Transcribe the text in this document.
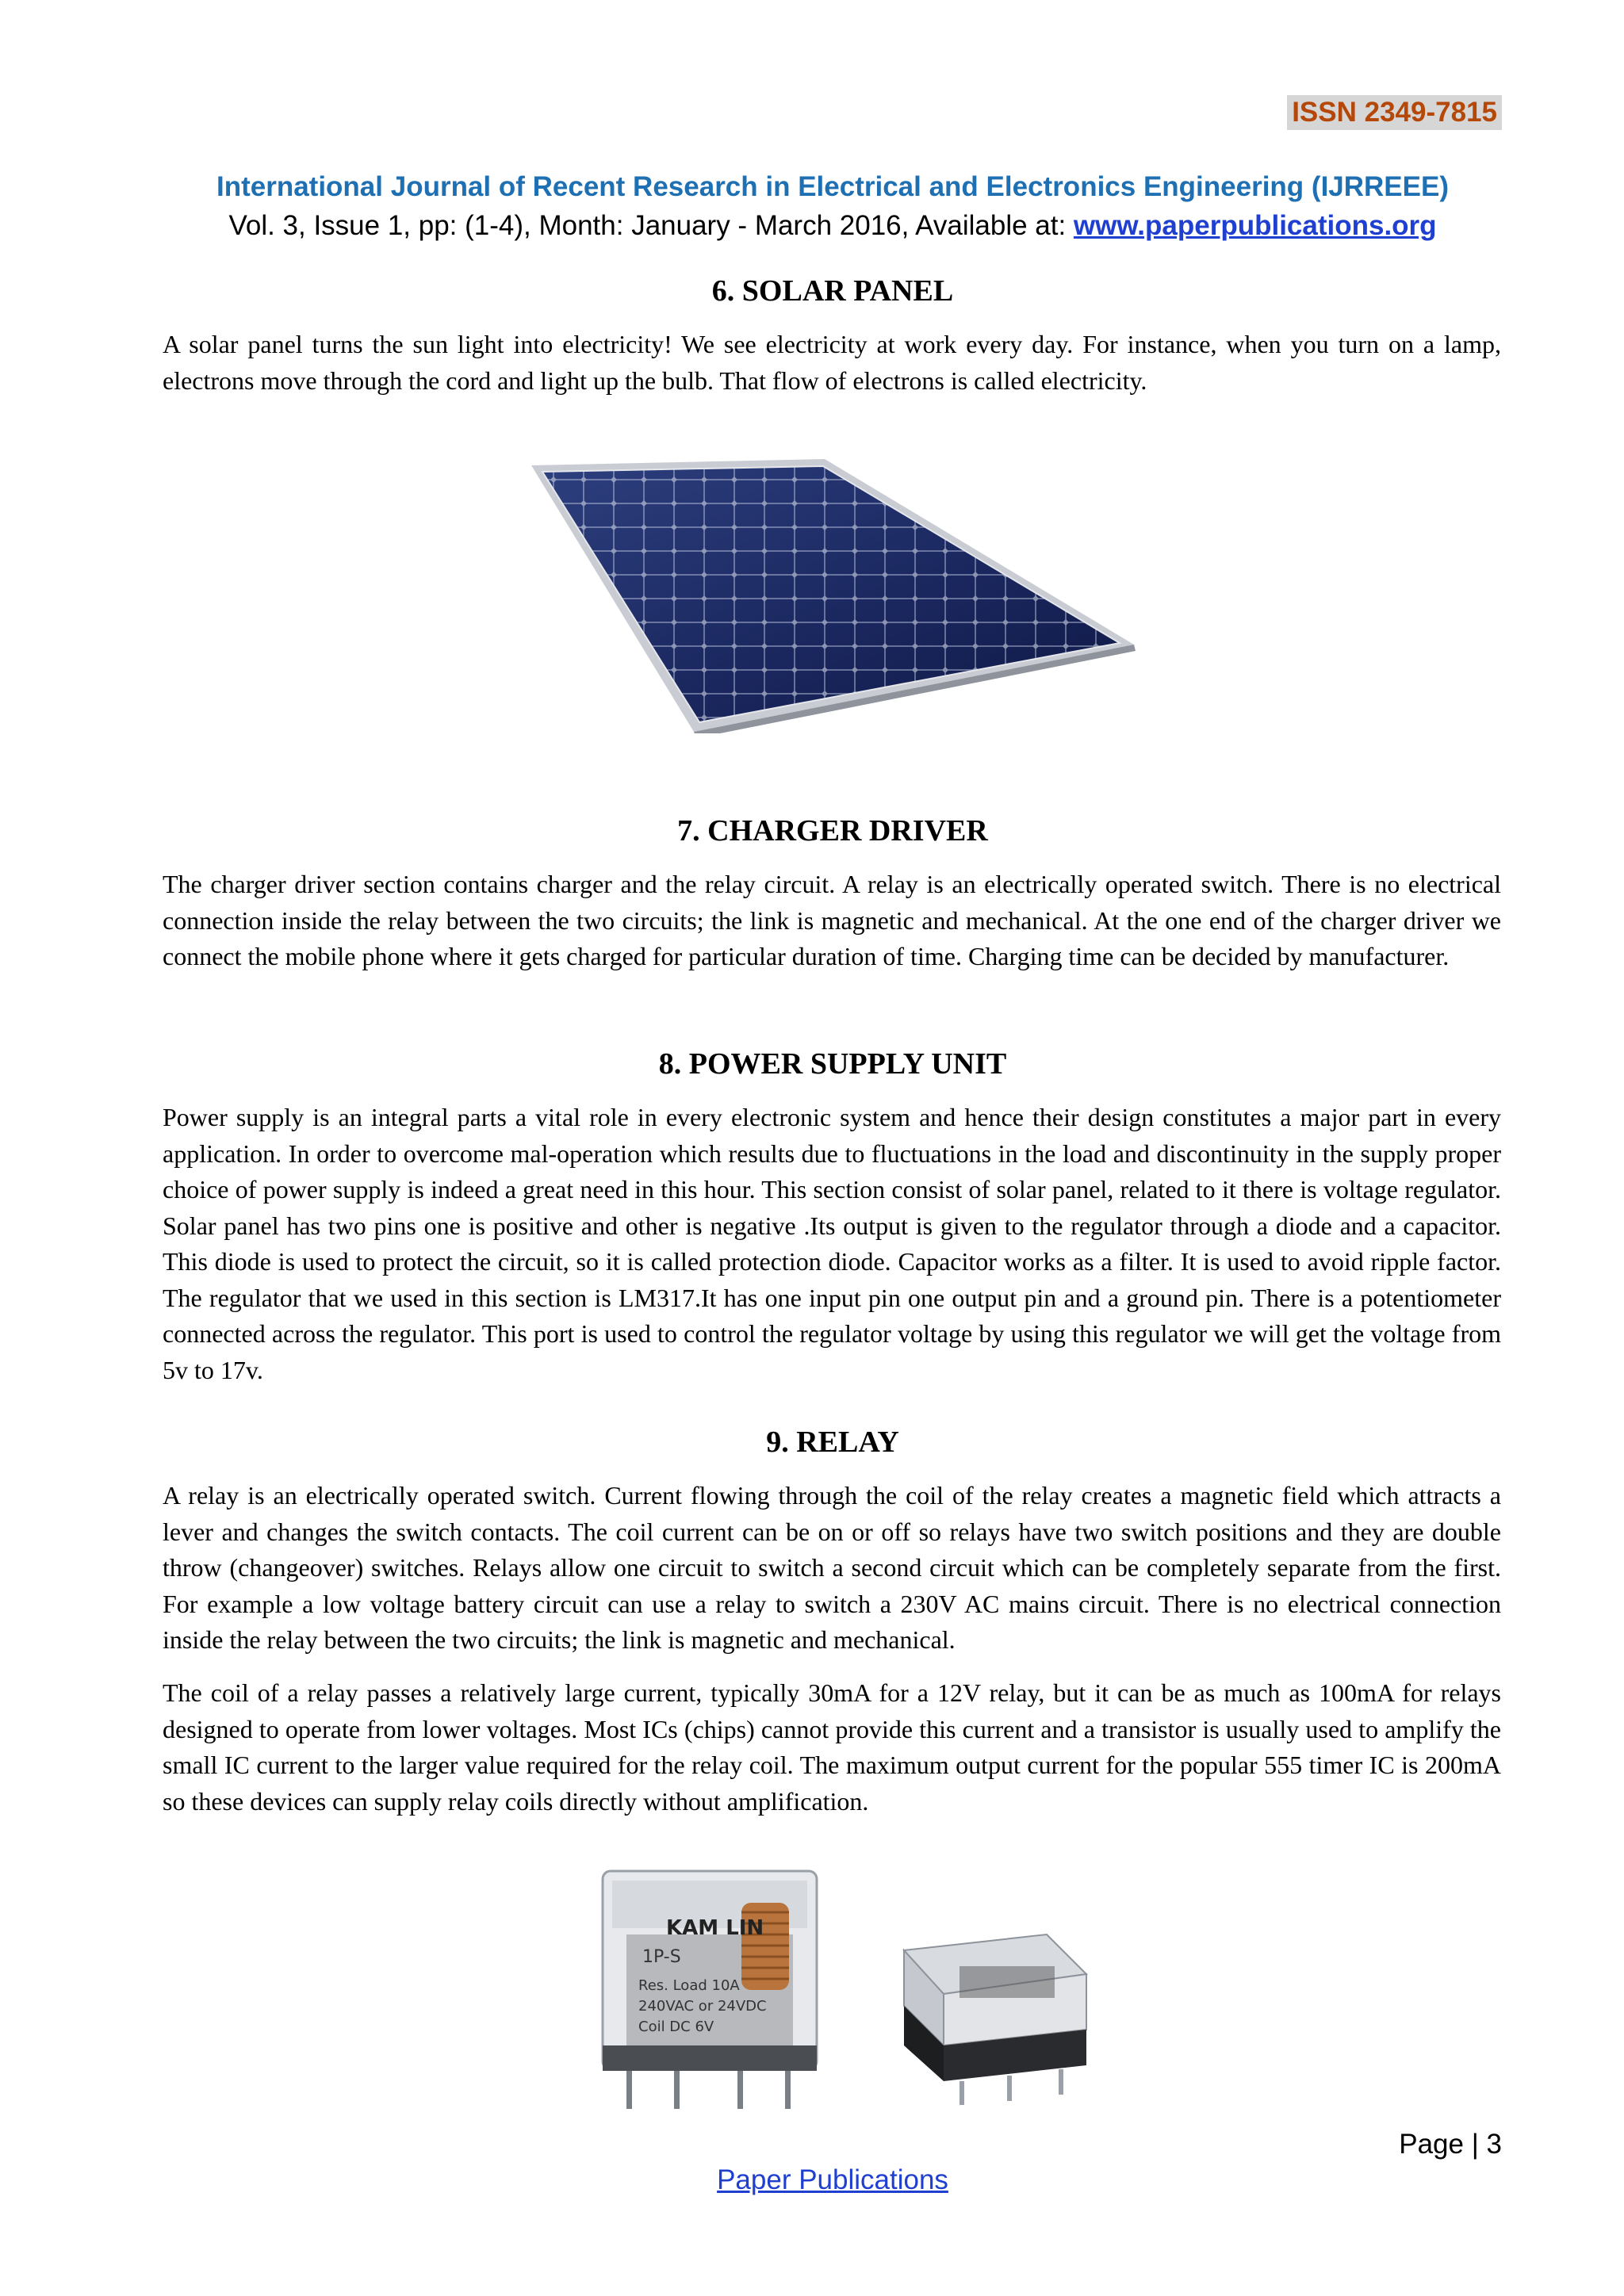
ISSN 2349-7815
International Journal of Recent Research in Electrical and Electronics Engineering (IJRREEE)
Vol. 3, Issue 1, pp: (1-4), Month: January - March 2016, Available at: www.paperpublications.org
6. SOLAR PANEL
A solar panel turns the sun light into electricity! We see electricity at work every day. For instance, when you turn on a lamp, electrons move through the cord and light up the bulb. That flow of electrons is called electricity.
7. CHARGER DRIVER
The charger driver section contains charger and the relay circuit. A relay is an electrically operated switch. There is no electrical connection inside the relay between the two circuits; the link is magnetic and mechanical. At the one end of the charger driver we connect the mobile phone where it gets charged for particular duration of time. Charging time can be decided by manufacturer.
8. POWER SUPPLY UNIT
Power supply is an integral parts a vital role in every electronic system and hence their design constitutes a major part in every application. In order to overcome mal-operation which results due to fluctuations in the load and discontinuity in the supply proper choice of power supply is indeed a great need in this hour. This section consist of solar panel, related to it there is voltage regulator. Solar panel has two pins one is positive and other is negative .Its output is given to the regulator through a diode and a capacitor. This diode is used to protect the circuit, so it is called protection diode. Capacitor works as a filter. It is used to avoid ripple factor. The regulator that we used in this section is LM317.It has one input pin one output pin and a ground pin. There is a potentiometer connected across the regulator. This port is used to control the regulator voltage by using this regulator we will get the voltage from 5v to 17v.
9. RELAY
A relay is an electrically operated switch. Current flowing through the coil of the relay creates a magnetic field which attracts a lever and changes the switch contacts. The coil current can be on or off so relays have two switch positions and they are double throw (changeover) switches. Relays allow one circuit to switch a second circuit which can be completely separate from the first. For example a low voltage battery circuit can use a relay to switch a 230V AC mains circuit. There is no electrical connection inside the relay between the two circuits; the link is magnetic and mechanical.
The coil of a relay passes a relatively large current, typically 30mA for a 12V relay, but it can be as much as 100mA for relays designed to operate from lower voltages. Most ICs (chips) cannot provide this current and a transistor is usually used to amplify the small IC current to the larger value required for the relay coil. The maximum output current for the popular 555 timer IC is 200mA so these devices can supply relay coils directly without amplification.
KAM LIN
1P-S
Res. Load 10A
240VAC or 24VDC
Coil DC 6V
Page | 3
Paper Publications
